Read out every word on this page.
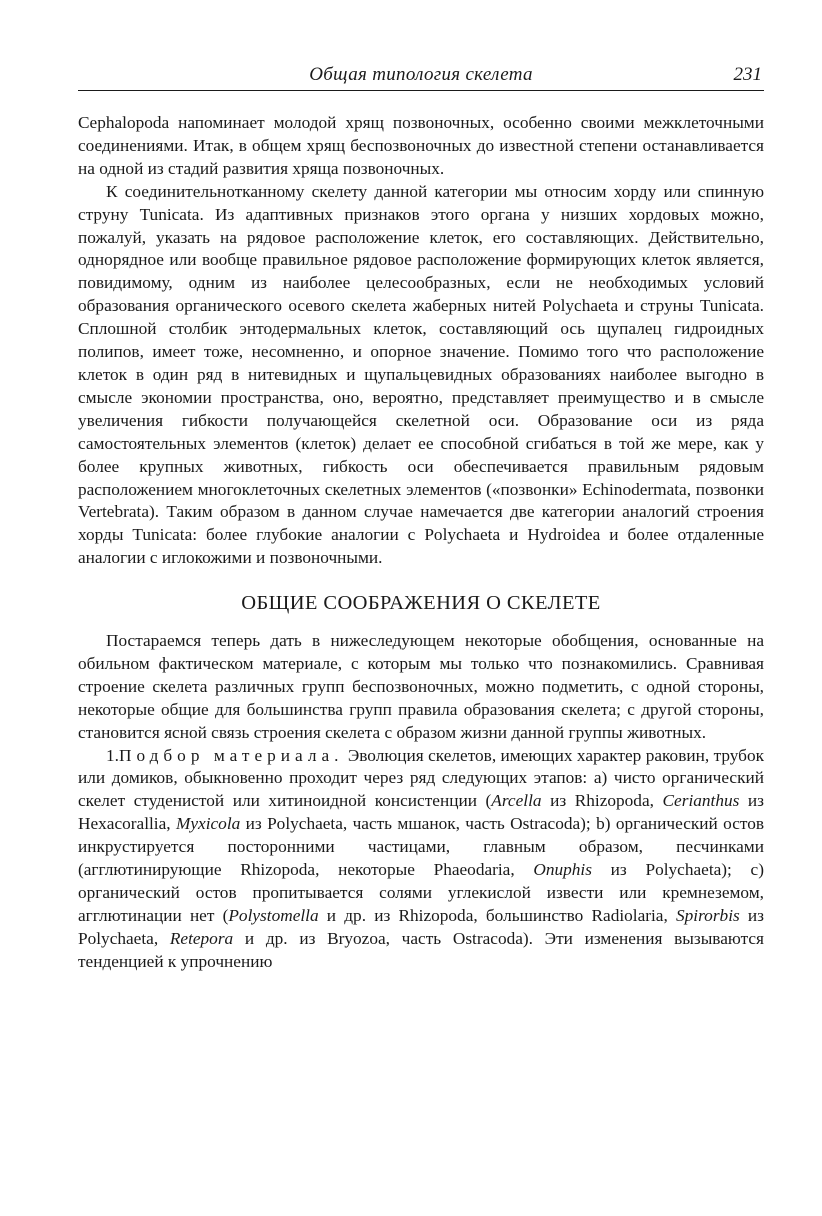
Общая типология скелета	231

Cephalopoda напоминает молодой хрящ позвоночных, особенно своими межклеточными соединениями. Итак, в общем хрящ беспозвоночных до известной степени останавливается на одной из стадий развития хряща позвоночных.

К соединительнотканному скелету данной категории мы относим хорду или спинную струну Tunicata. Из адаптивных признаков этого органа у низших хордовых можно, пожалуй, указать на рядовое расположение клеток, его составляющих. Действительно, однорядное или вообще правильное рядовое расположение формирующих клеток является, повидимому, одним из наиболее целесообразных, если не необходимых условий образования органического осевого скелета жаберных нитей Polychaeta и струны Tunicata. Сплошной столбик энтодермальных клеток, составляющий ось щупалец гидроидных полипов, имеет тоже, несомненно, и опорное значение. Помимо того что расположение клеток в один ряд в нитевидных и щупальцевидных образованиях наиболее выгодно в смысле экономии пространства, оно, вероятно, представляет преимущество и в смысле увеличения гибкости получающейся скелетной оси. Образование оси из ряда самостоятельных элементов (клеток) делает ее способной сгибаться в той же мере, как у более крупных животных, гибкость оси обеспечивается правильным рядовым расположением многоклеточных скелетных элементов («позвонки» Echinodermata, позвонки Vertebrata). Таким образом в данном случае намечается две категории аналогий строения хорды Tunicata: более глубокие аналогии с Polychaeta и Hydroidea и более отдаленные аналогии с иглокожими и позвоночными.

ОБЩИЕ СООБРАЖЕНИЯ О СКЕЛЕТЕ

Постараемся теперь дать в нижеследующем некоторые обобщения, основанные на обильном фактическом материале, с которым мы только что познакомились. Сравнивая строение скелета различных групп беспозвоночных, можно подметить, с одной стороны, некоторые общие для большинства групп правила образования скелета; с другой стороны, становится ясной связь строения скелета с образом жизни данной группы животных.

1.Подбор материала. Эволюция скелетов, имеющих характер раковин, трубок или домиков, обыкновенно проходит через ряд следующих этапов: а) чисто органический скелет студенистой или хитиноидной консистенции (Arcella из Rhizopoda, Cerianthus из Hexacorallia, Myxicola из Polychaeta, часть мшанок, часть Ostracoda); b) органический остов инкрустируется посторонними частицами, главным образом, песчинками (агглютинирующие Rhizopoda, некоторые Phaeodaria, Onuphis из Polychaeta); с) органический остов пропитывается солями углекислой извести или кремнеземом, агглютинации нет (Polystomella и др. из Rhizopoda, большинство Radiolaria, Spirorbis из Polychaeta, Retepora и др. из Bryozoa, часть Ostracoda). Эти изменения вызываются тенденцией к упрочнению
